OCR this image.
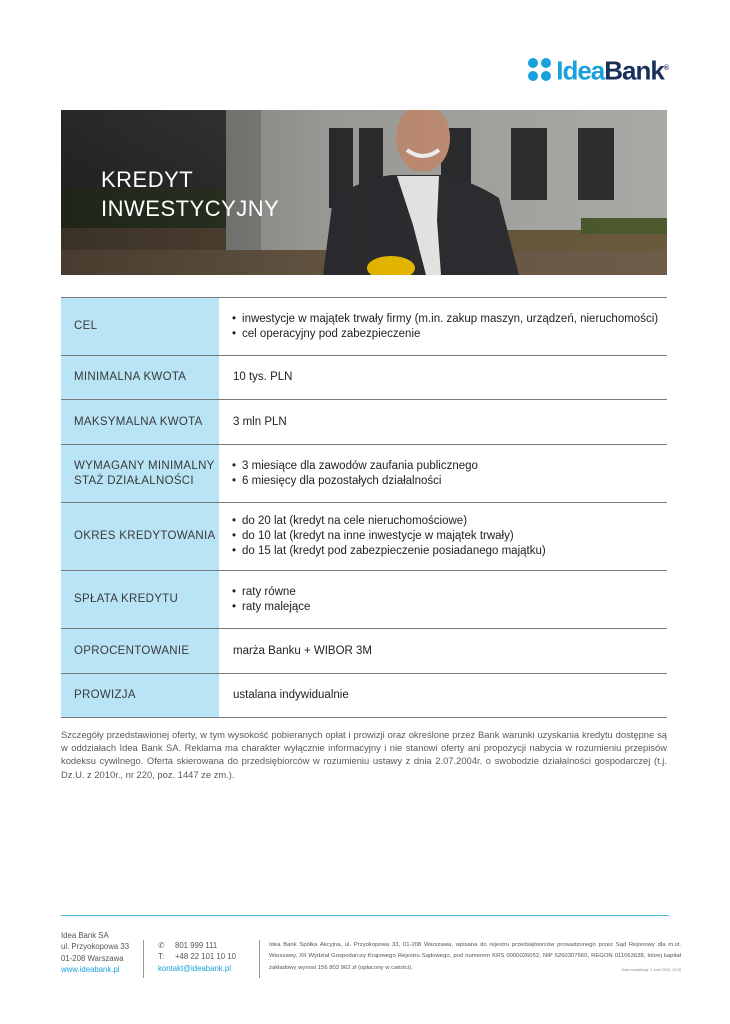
IdeaBank®
KREDYT
INWESTYCYJNY
CEL
• inwestycje w majątek trwały firmy (m.in. zakup maszyn, urządzeń, nieruchomości)
• cel operacyjny pod zabezpieczenie
MINIMALNA KWOTA	10 tys. PLN
MAKSYMALNA KWOTA	3 mln PLN
WYMAGANY MINIMALNY
STAŻ DZIAŁALNOŚCI
• 3 miesiące dla zawodów zaufania publicznego
• 6 miesięcy dla pozostałych działalności
OKRES KREDYTOWANIA
• do 20 lat (kredyt na cele nieruchomościowe)
• do 10 lat (kredyt na inne inwestycje w majątek trwały)
• do 15 lat (kredyt pod zabezpieczenie posiadanego majątku)
SPŁATA KREDYTU
• raty równe
• raty malejące
OPROCENTOWANIE	marża Banku + WIBOR 3M
PROWIZJA	ustalana indywidualnie
Szczegóły przedstawionej oferty, w tym wysokość pobieranych opłat i prowizji oraz określone przez Bank warunki uzyskania kredytu dostępne są w oddziałach Idea Bank SA. Reklama ma charakter wyłącznie informacyjny i nie stanowi oferty ani propozycji nabycia w rozumieniu przepisów kodeksu cywilnego. Oferta skierowana do przedsiębiorców w rozumieniu ustawy z dnia 2.07.2004r. o swobodzie działalności gospodarczej (t.j. Dz.U. z 2010r., nr 220, poz. 1447 ze zm.).
Idea Bank SA
ul. Przyokopowa 33
01-208 Warszawa
www.ideabank.pl
✆	801 999 111
T:	+48 22 101 10 10
kontakt@ideabank.pl
Idea Bank Spółka Akcyjna, ul. Przyokopowa 33, 01-208 Warszawa, wpisana do rejestru przedsiębiorców prowadzonego przez Sąd Rejonowy dla m.st. Warszawy, XII Wydział Gospodarczy Krajowego Rejestru Sądowego, pod numerem KRS 0000026052, NIP 5260307560, REGON 011063638, której kapitał zakładowy wynosi 156 803 962 zł (opłacony w całości).	Data modyfikacji: 2 June 2015, 15:35
